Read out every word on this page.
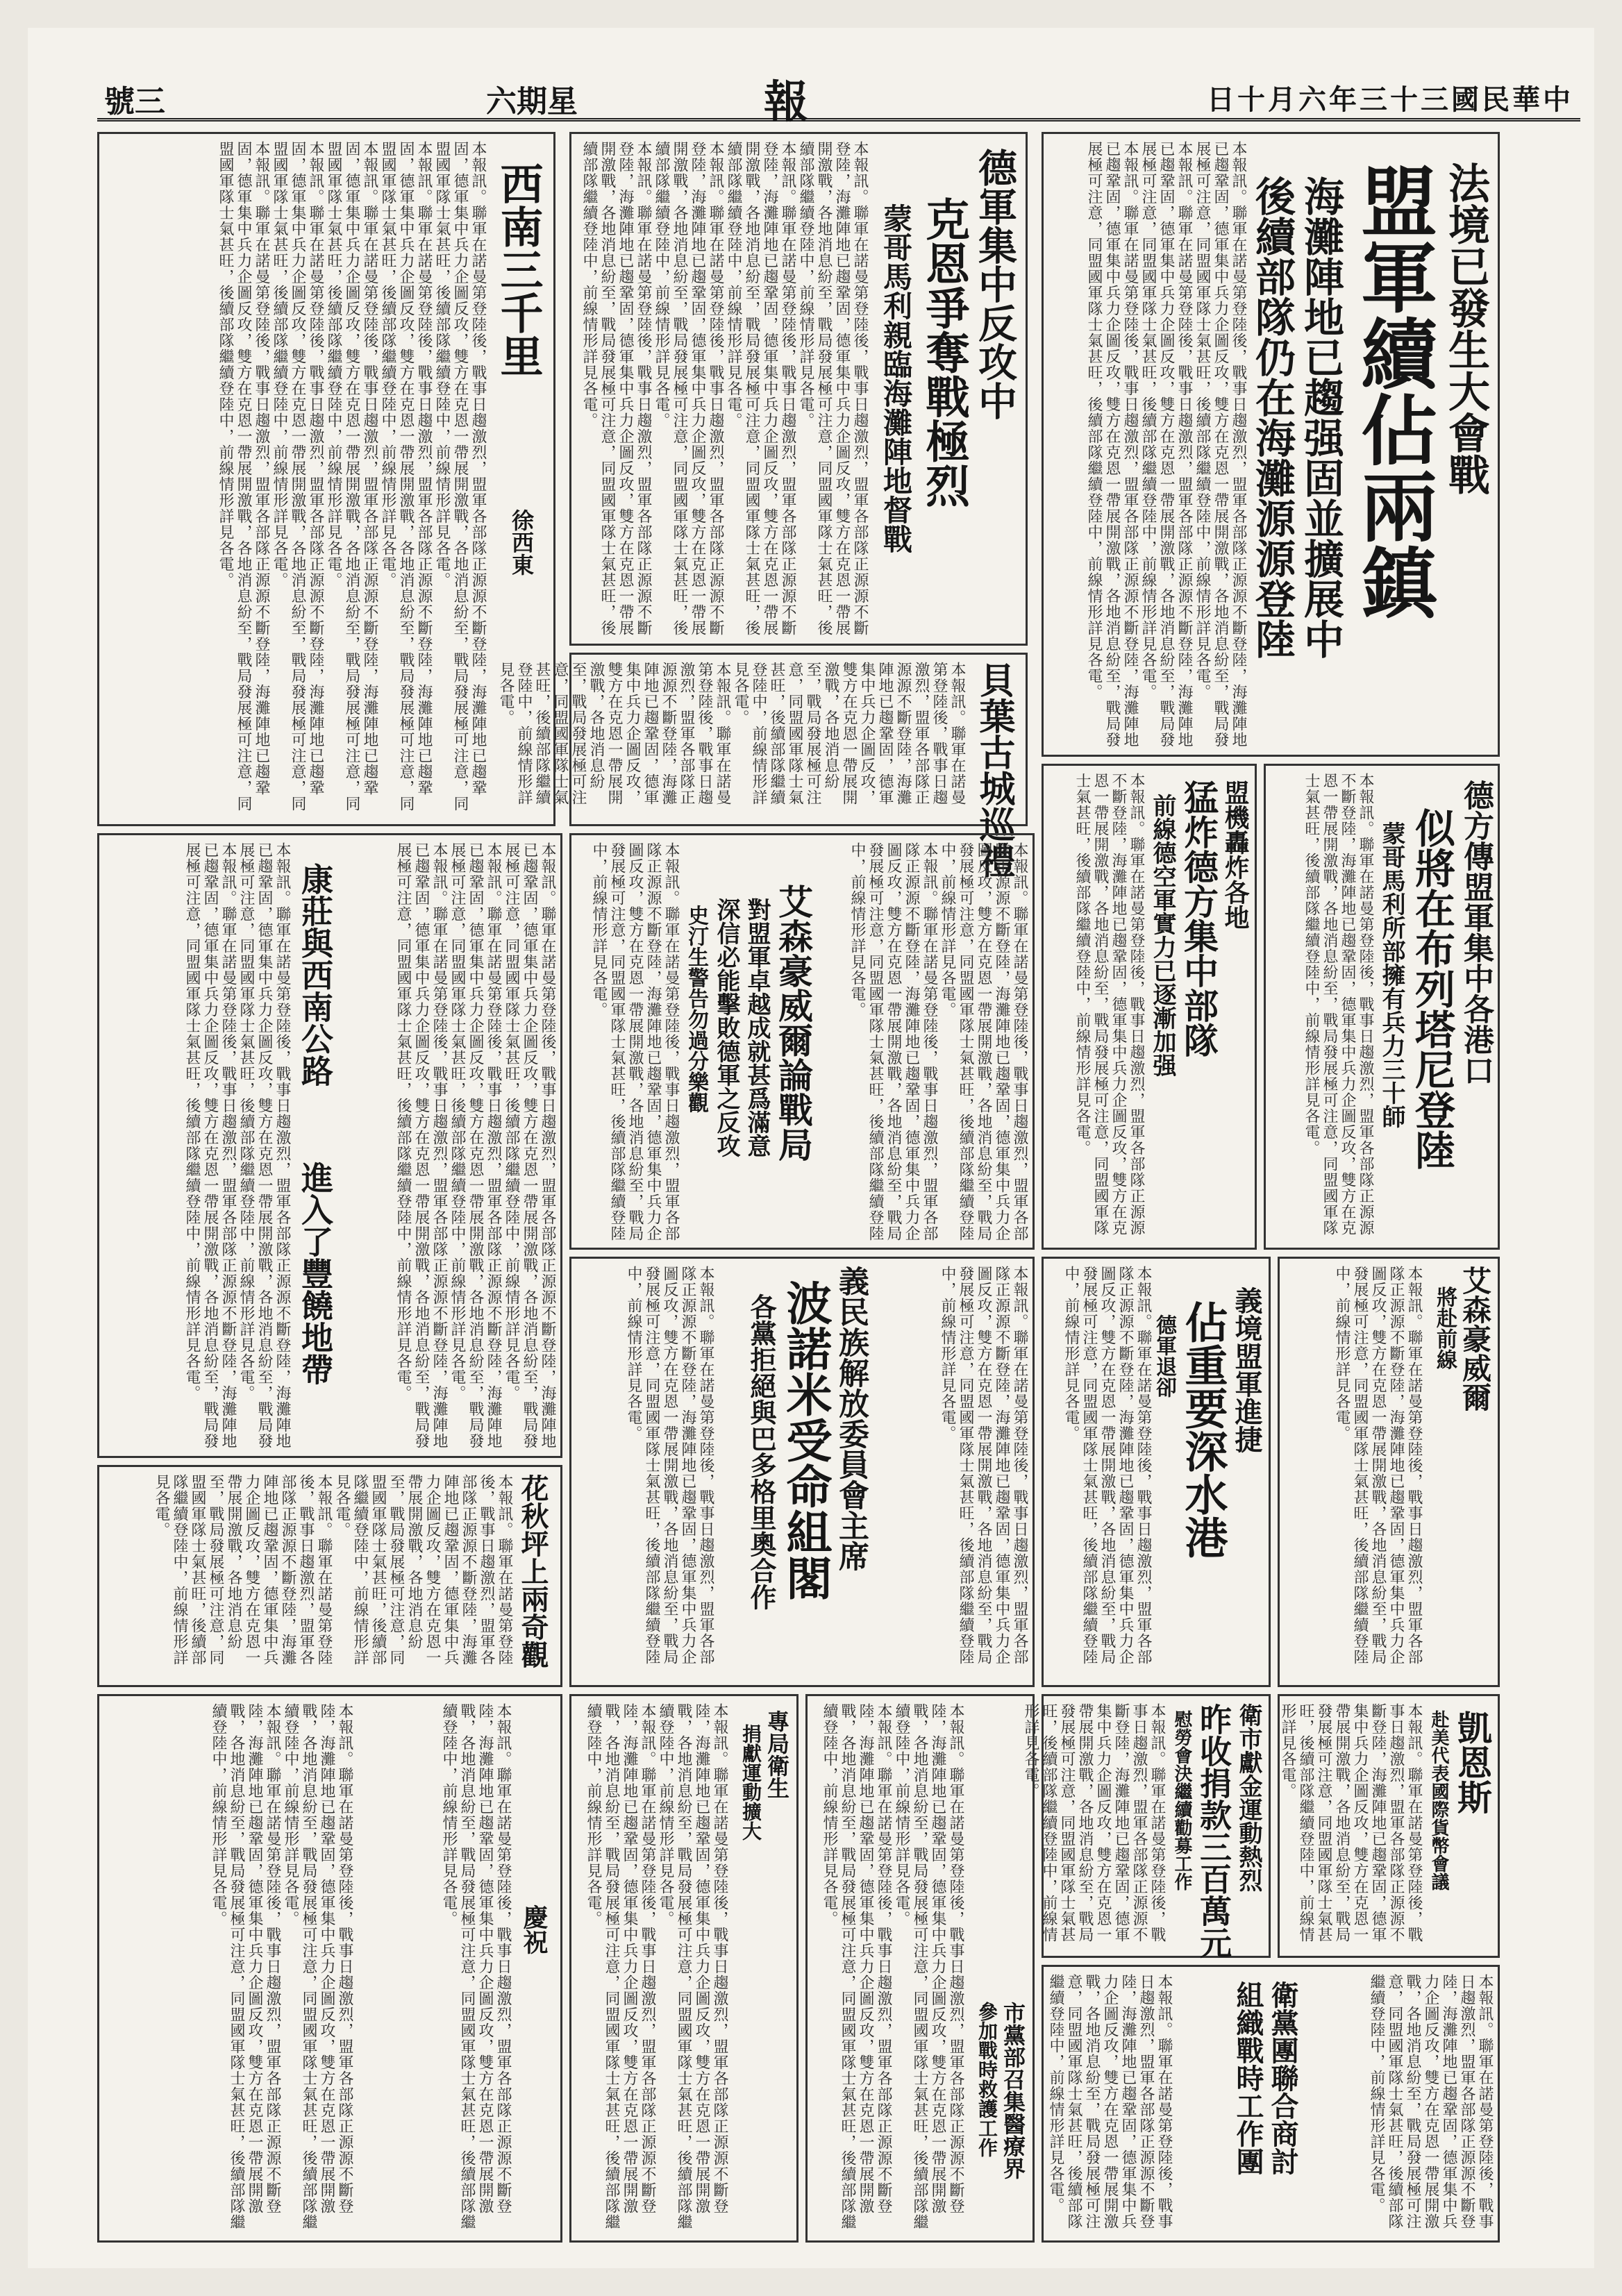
號三	六期星	報	日十月六年三十三國民華中
法境已發生大會戰
盟軍續佔兩鎮
海灘陣地已趨强固並擴展中
後續部隊仍在海灘源源登陸

本報訊。聯軍在諾曼第登陸後，戰事日趨激烈，盟軍各部隊正源源不斷登陸，海灘陣地已趨鞏固，德軍集中兵力企圖反攻，雙方在克恩一帶展開激戰，各地消息紛至，戰局發展極可注意，同盟國軍隊士氣甚旺，後續部隊繼續登陸中，前線情形詳見各電。

本報訊。聯軍在諾曼第登陸後，戰事日趨激烈，盟軍各部隊正源源不斷登陸，海灘陣地已趨鞏固，德軍集中兵力企圖反攻，雙方在克恩一帶展開激戰，各地消息紛至，戰局發展極可注意，同盟國軍隊士氣甚旺，後續部隊繼續登陸中，前線情形詳見各電。

本報訊。聯軍在諾曼第登陸後，戰事日趨激烈，盟軍各部隊正源源不斷登陸，海灘陣地已趨鞏固，德軍集中兵力企圖反攻，雙方在克恩一帶展開激戰，各地消息紛至，戰局發展極可注意，同盟國軍隊士氣甚旺，後續部隊繼續登陸中，前線情形詳見各電。

德軍集中反攻中
克恩爭奪戰極烈
蒙哥馬利親臨海灘陣地督戰

本報訊。聯軍在諾曼第登陸後，戰事日趨激烈，盟軍各部隊正源源不斷登陸，海灘陣地已趨鞏固，德軍集中兵力企圖反攻，雙方在克恩一帶展開激戰，各地消息紛至，戰局發展極可注意，同盟國軍隊士氣甚旺，後續部隊繼續登陸中，前線情形詳見各電。

本報訊。聯軍在諾曼第登陸後，戰事日趨激烈，盟軍各部隊正源源不斷登陸，海灘陣地已趨鞏固，德軍集中兵力企圖反攻，雙方在克恩一帶展開激戰，各地消息紛至，戰局發展極可注意，同盟國軍隊士氣甚旺，後續部隊繼續登陸中，前線情形詳見各電。

本報訊。聯軍在諾曼第登陸後，戰事日趨激烈，盟軍各部隊正源源不斷登陸，海灘陣地已趨鞏固，德軍集中兵力企圖反攻，雙方在克恩一帶展開激戰，各地消息紛至，戰局發展極可注意，同盟國軍隊士氣甚旺，後續部隊繼續登陸中，前線情形詳見各電。

本報訊。聯軍在諾曼第登陸後，戰事日趨激烈，盟軍各部隊正源源不斷登陸，海灘陣地已趨鞏固，德軍集中兵力企圖反攻，雙方在克恩一帶展開激戰，各地消息紛至，戰局發展極可注意，同盟國軍隊士氣甚旺，後續部隊繼續登陸中，前線情形詳見各電。

貝葉古城巡禮

本報訊。聯軍在諾曼第登陸後，戰事日趨激烈，盟軍各部隊正源源不斷登陸，海灘陣地已趨鞏固，德軍集中兵力企圖反攻，雙方在克恩一帶展開激戰，各地消息紛至，戰局發展極可注意，同盟國軍隊士氣甚旺，後續部隊繼續登陸中，前線情形詳見各電。

本報訊。聯軍在諾曼第登陸後，戰事日趨激烈，盟軍各部隊正源源不斷登陸，海灘陣地已趨鞏固，德軍集中兵力企圖反攻，雙方在克恩一帶展開激戰，各地消息紛至，戰局發展極可注意，同盟國軍隊士氣甚旺，後續部隊繼續登陸中，前線情形詳見各電。

西南三千里
徐西東

本報訊。聯軍在諾曼第登陸後，戰事日趨激烈，盟軍各部隊正源源不斷登陸，海灘陣地已趨鞏固，德軍集中兵力企圖反攻，雙方在克恩一帶展開激戰，各地消息紛至，戰局發展極可注意，同盟國軍隊士氣甚旺，後續部隊繼續登陸中，前線情形詳見各電。

本報訊。聯軍在諾曼第登陸後，戰事日趨激烈，盟軍各部隊正源源不斷登陸，海灘陣地已趨鞏固，德軍集中兵力企圖反攻，雙方在克恩一帶展開激戰，各地消息紛至，戰局發展極可注意，同盟國軍隊士氣甚旺，後續部隊繼續登陸中，前線情形詳見各電。

本報訊。聯軍在諾曼第登陸後，戰事日趨激烈，盟軍各部隊正源源不斷登陸，海灘陣地已趨鞏固，德軍集中兵力企圖反攻，雙方在克恩一帶展開激戰，各地消息紛至，戰局發展極可注意，同盟國軍隊士氣甚旺，後續部隊繼續登陸中，前線情形詳見各電。

本報訊。聯軍在諾曼第登陸後，戰事日趨激烈，盟軍各部隊正源源不斷登陸，海灘陣地已趨鞏固，德軍集中兵力企圖反攻，雙方在克恩一帶展開激戰，各地消息紛至，戰局發展極可注意，同盟國軍隊士氣甚旺，後續部隊繼續登陸中，前線情形詳見各電。

本報訊。聯軍在諾曼第登陸後，戰事日趨激烈，盟軍各部隊正源源不斷登陸，海灘陣地已趨鞏固，德軍集中兵力企圖反攻，雙方在克恩一帶展開激戰，各地消息紛至，戰局發展極可注意，同盟國軍隊士氣甚旺，後續部隊繼續登陸中，前線情形詳見各電。

德方傳盟軍集中各港口
似將在布列塔尼登陸
蒙哥馬利所部擁有兵力三十師

本報訊。聯軍在諾曼第登陸後，戰事日趨激烈，盟軍各部隊正源源不斷登陸，海灘陣地已趨鞏固，德軍集中兵力企圖反攻，雙方在克恩一帶展開激戰，各地消息紛至，戰局發展極可注意，同盟國軍隊士氣甚旺，後續部隊繼續登陸中，前線情形詳見各電。

盟機轟炸各地
猛炸德方集中部隊
前線德空軍實力已逐漸加强

本報訊。聯軍在諾曼第登陸後，戰事日趨激烈，盟軍各部隊正源源不斷登陸，海灘陣地已趨鞏固，德軍集中兵力企圖反攻，雙方在克恩一帶展開激戰，各地消息紛至，戰局發展極可注意，同盟國軍隊士氣甚旺，後續部隊繼續登陸中，前線情形詳見各電。

艾森豪威爾論戰局
對盟軍卓越成就甚爲滿意
深信必能擊敗德軍之反攻
史汀生警告勿過分樂觀	本報訊。聯軍在諾曼第登陸後，戰事日趨激烈，盟軍各部隊正源源不斷登陸，海灘陣地已趨鞏固，德軍集中兵力企圖反攻，雙方在克恩一帶展開激戰，各地消息紛至，戰局發展極可注意，同盟國軍隊士氣甚旺，後續部隊繼續登陸中，前線情形詳見各電。

本報訊。聯軍在諾曼第登陸後，戰事日趨激烈，盟軍各部隊正源源不斷登陸，海灘陣地已趨鞏固，德軍集中兵力企圖反攻，雙方在克恩一帶展開激戰，各地消息紛至，戰局發展極可注意，同盟國軍隊士氣甚旺，後續部隊繼續登陸中，前線情形詳見各電。

本報訊。聯軍在諾曼第登陸後，戰事日趨激烈，盟軍各部隊正源源不斷登陸，海灘陣地已趨鞏固，德軍集中兵力企圖反攻，雙方在克恩一帶展開激戰，各地消息紛至，戰局發展極可注意，同盟國軍隊士氣甚旺，後續部隊繼續登陸中，前線情形詳見各電。

康莊與西南公路
進入了豐饒地帶	本報訊。聯軍在諾曼第登陸後，戰事日趨激烈，盟軍各部隊正源源不斷登陸，海灘陣地已趨鞏固，德軍集中兵力企圖反攻，雙方在克恩一帶展開激戰，各地消息紛至，戰局發展極可注意，同盟國軍隊士氣甚旺，後續部隊繼續登陸中，前線情形詳見各電。

本報訊。聯軍在諾曼第登陸後，戰事日趨激烈，盟軍各部隊正源源不斷登陸，海灘陣地已趨鞏固，德軍集中兵力企圖反攻，雙方在克恩一帶展開激戰，各地消息紛至，戰局發展極可注意，同盟國軍隊士氣甚旺，後續部隊繼續登陸中，前線情形詳見各電。

本報訊。聯軍在諾曼第登陸後，戰事日趨激烈，盟軍各部隊正源源不斷登陸，海灘陣地已趨鞏固，德軍集中兵力企圖反攻，雙方在克恩一帶展開激戰，各地消息紛至，戰局發展極可注意，同盟國軍隊士氣甚旺，後續部隊繼續登陸中，前線情形詳見各電。

本報訊。聯軍在諾曼第登陸後，戰事日趨激烈，盟軍各部隊正源源不斷登陸，海灘陣地已趨鞏固，德軍集中兵力企圖反攻，雙方在克恩一帶展開激戰，各地消息紛至，戰局發展極可注意，同盟國軍隊士氣甚旺，後續部隊繼續登陸中，前線情形詳見各電。

本報訊。聯軍在諾曼第登陸後，戰事日趨激烈，盟軍各部隊正源源不斷登陸，海灘陣地已趨鞏固，德軍集中兵力企圖反攻，雙方在克恩一帶展開激戰，各地消息紛至，戰局發展極可注意，同盟國軍隊士氣甚旺，後續部隊繼續登陸中，前線情形詳見各電。	義境盟軍進捷
佔重要深水港
德軍退卻

本報訊。聯軍在諾曼第登陸後，戰事日趨激烈，盟軍各部隊正源源不斷登陸，海灘陣地已趨鞏固，德軍集中兵力企圖反攻，雙方在克恩一帶展開激戰，各地消息紛至，戰局發展極可注意，同盟國軍隊士氣甚旺，後續部隊繼續登陸中，前線情形詳見各電。	艾森豪威爾
將赴前線

本報訊。聯軍在諾曼第登陸後，戰事日趨激烈，盟軍各部隊正源源不斷登陸，海灘陣地已趨鞏固，德軍集中兵力企圖反攻，雙方在克恩一帶展開激戰，各地消息紛至，戰局發展極可注意，同盟國軍隊士氣甚旺，後續部隊繼續登陸中，前線情形詳見各電。

義民族解放委員會主席
波諾米受命組閣
各黨拒絕與巴多格里奧合作	本報訊。聯軍在諾曼第登陸後，戰事日趨激烈，盟軍各部隊正源源不斷登陸，海灘陣地已趨鞏固，德軍集中兵力企圖反攻，雙方在克恩一帶展開激戰，各地消息紛至，戰局發展極可注意，同盟國軍隊士氣甚旺，後續部隊繼續登陸中，前線情形詳見各電。

本報訊。聯軍在諾曼第登陸後，戰事日趨激烈，盟軍各部隊正源源不斷登陸，海灘陣地已趨鞏固，德軍集中兵力企圖反攻，雙方在克恩一帶展開激戰，各地消息紛至，戰局發展極可注意，同盟國軍隊士氣甚旺，後續部隊繼續登陸中，前線情形詳見各電。

花秋坪上兩奇觀

本報訊。聯軍在諾曼第登陸後，戰事日趨激烈，盟軍各部隊正源源不斷登陸，海灘陣地已趨鞏固，德軍集中兵力企圖反攻，雙方在克恩一帶展開激戰，各地消息紛至，戰局發展極可注意，同盟國軍隊士氣甚旺，後續部隊繼續登陸中，前線情形詳見各電。

本報訊。聯軍在諾曼第登陸後，戰事日趨激烈，盟軍各部隊正源源不斷登陸，海灘陣地已趨鞏固，德軍集中兵力企圖反攻，雙方在克恩一帶展開激戰，各地消息紛至，戰局發展極可注意，同盟國軍隊士氣甚旺，後續部隊繼續登陸中，前線情形詳見各電。

凱恩斯
赴美代表國際貨幣會議

本報訊。聯軍在諾曼第登陸後，戰事日趨激烈，盟軍各部隊正源源不斷登陸，海灘陣地已趨鞏固，德軍集中兵力企圖反攻，雙方在克恩一帶展開激戰，各地消息紛至，戰局發展極可注意，同盟國軍隊士氣甚旺，後續部隊繼續登陸中，前線情形詳見各電。

衛市獻金運動熱烈
昨收捐款三百萬元
慰勞會決繼續勸募工作

本報訊。聯軍在諾曼第登陸後，戰事日趨激烈，盟軍各部隊正源源不斷登陸，海灘陣地已趨鞏固，德軍集中兵力企圖反攻，雙方在克恩一帶展開激戰，各地消息紛至，戰局發展極可注意，同盟國軍隊士氣甚旺，後續部隊繼續登陸中，前線情形詳見各電。

衛黨團聯合商討
組織戰時工作團	本報訊。聯軍在諾曼第登陸後，戰事日趨激烈，盟軍各部隊正源源不斷登陸，海灘陣地已趨鞏固，德軍集中兵力企圖反攻，雙方在克恩一帶展開激戰，各地消息紛至，戰局發展極可注意，同盟國軍隊士氣甚旺，後續部隊繼續登陸中，前線情形詳見各電。

本報訊。聯軍在諾曼第登陸後，戰事日趨激烈，盟軍各部隊正源源不斷登陸，海灘陣地已趨鞏固，德軍集中兵力企圖反攻，雙方在克恩一帶展開激戰，各地消息紛至，戰局發展極可注意，同盟國軍隊士氣甚旺，後續部隊繼續登陸中，前線情形詳見各電。

市黨部召集醫療界
參加戰時救護工作

本報訊。聯軍在諾曼第登陸後，戰事日趨激烈，盟軍各部隊正源源不斷登陸，海灘陣地已趨鞏固，德軍集中兵力企圖反攻，雙方在克恩一帶展開激戰，各地消息紛至，戰局發展極可注意，同盟國軍隊士氣甚旺，後續部隊繼續登陸中，前線情形詳見各電。

本報訊。聯軍在諾曼第登陸後，戰事日趨激烈，盟軍各部隊正源源不斷登陸，海灘陣地已趨鞏固，德軍集中兵力企圖反攻，雙方在克恩一帶展開激戰，各地消息紛至，戰局發展極可注意，同盟國軍隊士氣甚旺，後續部隊繼續登陸中，前線情形詳見各電。

專局衛生
捐獻運動擴大

本報訊。聯軍在諾曼第登陸後，戰事日趨激烈，盟軍各部隊正源源不斷登陸，海灘陣地已趨鞏固，德軍集中兵力企圖反攻，雙方在克恩一帶展開激戰，各地消息紛至，戰局發展極可注意，同盟國軍隊士氣甚旺，後續部隊繼續登陸中，前線情形詳見各電。

本報訊。聯軍在諾曼第登陸後，戰事日趨激烈，盟軍各部隊正源源不斷登陸，海灘陣地已趨鞏固，德軍集中兵力企圖反攻，雙方在克恩一帶展開激戰，各地消息紛至，戰局發展極可注意，同盟國軍隊士氣甚旺，後續部隊繼續登陸中，前線情形詳見各電。

慶祝

本報訊。聯軍在諾曼第登陸後，戰事日趨激烈，盟軍各部隊正源源不斷登陸，海灘陣地已趨鞏固，德軍集中兵力企圖反攻，雙方在克恩一帶展開激戰，各地消息紛至，戰局發展極可注意，同盟國軍隊士氣甚旺，後續部隊繼續登陸中，前線情形詳見各電。

本報訊。聯軍在諾曼第登陸後，戰事日趨激烈，盟軍各部隊正源源不斷登陸，海灘陣地已趨鞏固，德軍集中兵力企圖反攻，雙方在克恩一帶展開激戰，各地消息紛至，戰局發展極可注意，同盟國軍隊士氣甚旺，後續部隊繼續登陸中，前線情形詳見各電。

本報訊。聯軍在諾曼第登陸後，戰事日趨激烈，盟軍各部隊正源源不斷登陸，海灘陣地已趨鞏固，德軍集中兵力企圖反攻，雙方在克恩一帶展開激戰，各地消息紛至，戰局發展極可注意，同盟國軍隊士氣甚旺，後續部隊繼續登陸中，前線情形詳見各電。
